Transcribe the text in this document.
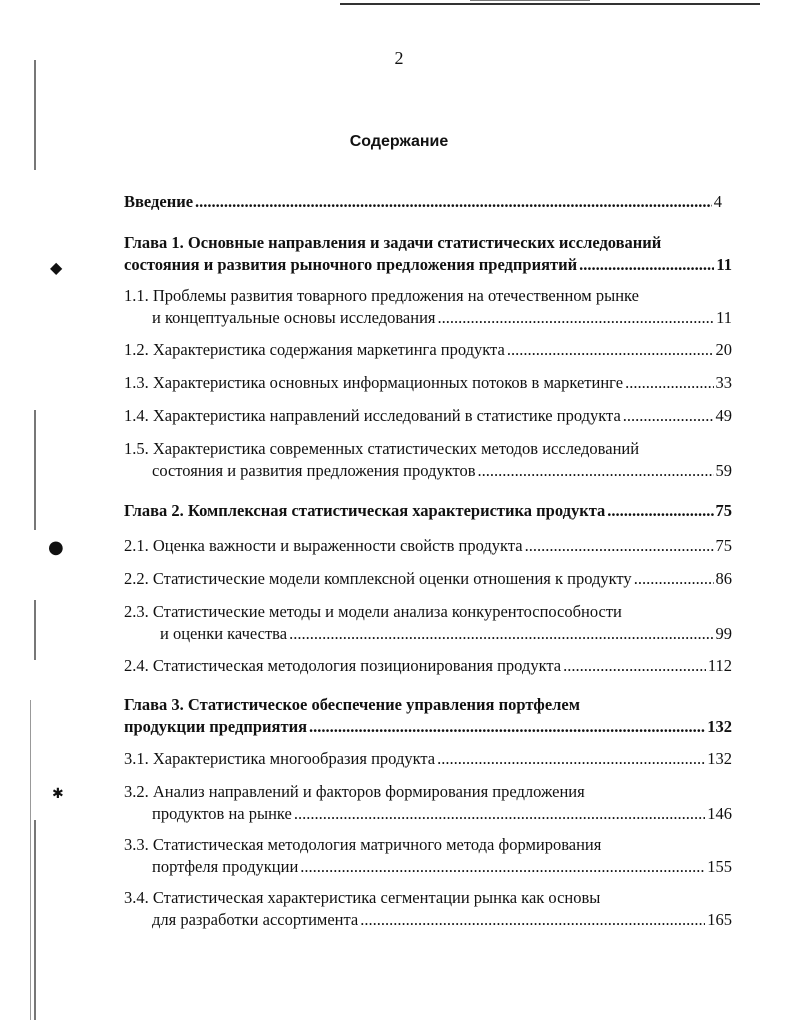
◆
●
✱
2
Содержание
Введение .....	4
Глава 1. Основные направления и задачи статистических исследований
состояния и развития рыночного предложения предприятий .....	11
1.1. Проблемы развития товарного предложения на отечественном рынке
и концептуальные основы исследования .....	11
1.2. Характеристика содержания маркетинга продукта .....	20
1.3. Характеристика основных информационных потоков в маркетинге .....	33
1.4. Характеристика направлений исследований в статистике продукта .....	49
1.5. Характеристика современных статистических методов исследований
состояния и развития предложения продуктов .....	59
Глава 2. Комплексная статистическая характеристика продукта .....	75
2.1. Оценка важности и выраженности свойств продукта .....	75
2.2. Статистические модели комплексной оценки отношения к продукту .....	86
2.3. Статистические методы и модели анализа конкурентоспособности
и оценки качества .....	99
2.4. Статистическая методология позиционирования продукта .....	112
Глава 3. Статистическое обеспечение управления портфелем
продукции предприятия .....	132
3.1. Характеристика многообразия продукта .....	132
3.2. Анализ направлений и факторов формирования предложения
продуктов на рынке .....	146
3.3. Статистическая методология матричного метода формирования
портфеля продукции .....	155
3.4. Статистическая характеристика сегментации рынка как основы
для разработки ассортимента .....	165
